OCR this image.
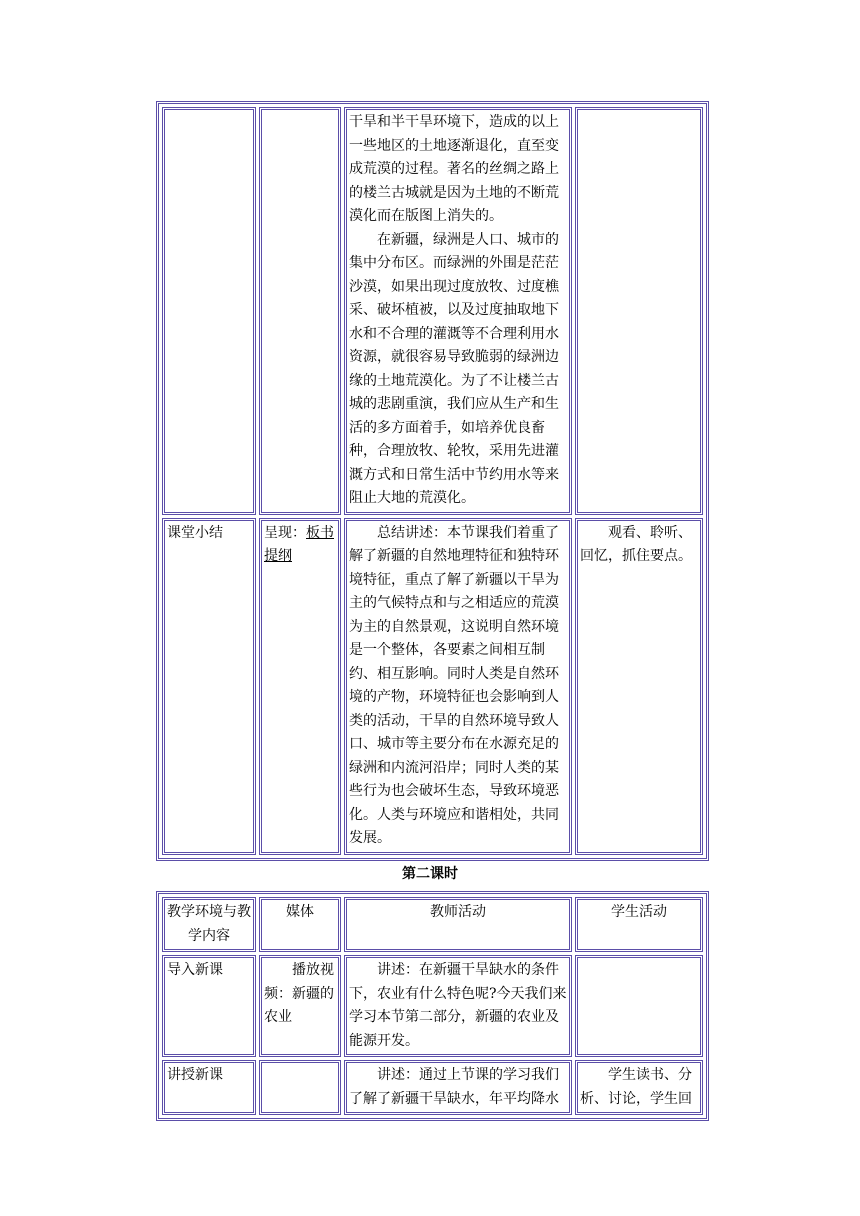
		干旱和半干旱环境下，造成的以上一些地区的土地逐渐退化，直至变成荒漠的过程。著名的丝绸之路上的楼兰古城就是因为土地的不断荒漠化而在版图上消失的。

在新疆，绿洲是人口、城市的集中分布区。而绿洲的外围是茫茫沙漠，如果出现过度放牧、过度樵采、破坏植被，以及过度抽取地下水和不合理的灌溉等不合理利用水资源，就很容易导致脆弱的绿洲边缘的土地荒漠化。为了不让楼兰古城的悲剧重演，我们应从生产和生活的多方面着手，如培养优良畜种，合理放牧、轮牧，采用先进灌溉方式和日常生活中节约用水等来阻止大地的荒漠化。	

课堂小结	呈现：板书提纲	总结讲述：本节课我们着重了解了新疆的自然地理特征和独特环境特征，重点了解了新疆以干旱为主的气候特点和与之相适应的荒漠为主的自然景观，这说明自然环境是一个整体，各要素之间相互制约、相互影响。同时人类是自然环境的产物，环境特征也会影响到人类的活动，干旱的自然环境导致人口、城市等主要分布在水源充足的绿洲和内流河沿岸；同时人类的某些行为也会破坏生态，导致环境恶化。人类与环境应和谐相处，共同发展。	观看、聆听、回忆，抓住要点。
第二课时
教学环境与教学内容	媒体	教师活动	学生活动
导入新课	播放视频：新疆的农业	讲述：在新疆干旱缺水的条件下，农业有什么特色呢?今天我们来学习本节第二部分，新疆的农业及能源开发。	
讲授新课		讲述：通过上节课的学习我们了解了新疆干旱缺水，年平均降水	学生读书、分析、讨论，学生回
